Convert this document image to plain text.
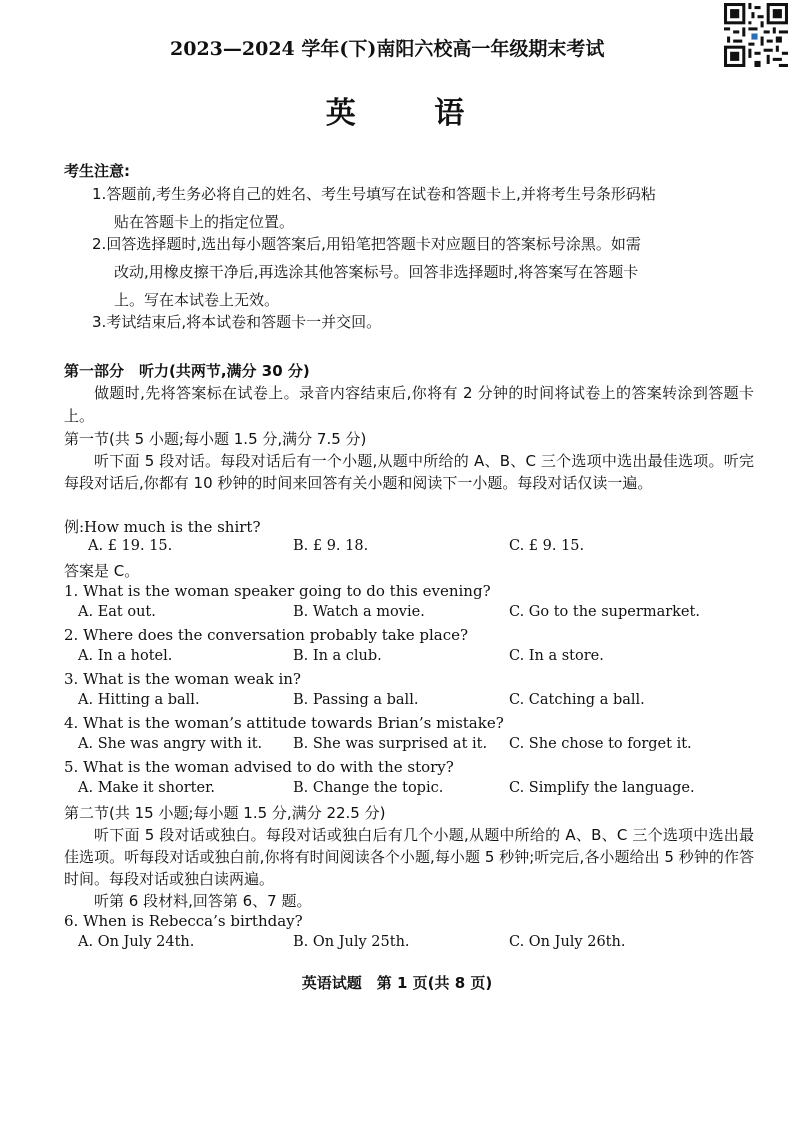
2023—2024 学年(下)南阳六校高一年级期末考试
英 语
考生注意:
1.答题前,考生务必将自己的姓名、考生号填写在试卷和答题卡上,并将考生号条形码粘
贴在答题卡上的指定位置。
2.回答选择题时,选出每小题答案后,用铅笔把答题卡对应题目的答案标号涂黑。如需
改动,用橡皮擦干净后,再选涂其他答案标号。回答非选择题时,将答案写在答题卡
上。写在本试卷上无效。
3.考试结束后,将本试卷和答题卡一并交回。
第一部分　听力(共两节,满分 30 分)
做题时,先将答案标在试卷上。录音内容结束后,你将有 2 分钟的时间将试卷上的答案转涂到答题卡上。
第一节(共 5 小题;每小题 1.5 分,满分 7.5 分)
听下面 5 段对话。每段对话后有一个小题,从题中所给的 A、B、C 三个选项中选出最佳选项。听完每段对话后,你都有 10 秒钟的时间来回答有关小题和阅读下一小题。每段对话仅读一遍。
例:How much is the shirt?
A. £ 19. 15.	B. £ 9. 18.	C. £ 9. 15.
答案是 C。
1. What is the woman speaker going to do this evening?
A. Eat out.	B. Watch a movie.	C. Go to the supermarket.
2. Where does the conversation probably take place?
A. In a hotel.	B. In a club.	C. In a store.
3. What is the woman weak in?
A. Hitting a ball.	B. Passing a ball.	C. Catching a ball.
4. What is the woman’s attitude towards Brian’s mistake?
A. She was angry with it. B. She was surprised at it. C. She chose to forget it.
5. What is the woman advised to do with the story?
A. Make it shorter.	B. Change the topic.	C. Simplify the language.
第二节(共 15 小题;每小题 1.5 分,满分 22.5 分)
听下面 5 段对话或独白。每段对话或独白后有几个小题,从题中所给的 A、B、C 三个选项中选出最佳选项。听每段对话或独白前,你将有时间阅读各个小题,每小题 5 秒钟;听完后,各小题给出 5 秒钟的作答时间。每段对话或独白读两遍。
听第 6 段材料,回答第 6、7 题。
6. When is Rebecca’s birthday?
A. On July 24th.	B. On July 25th.	C. On July 26th.
英语试题　第 1 页(共 8 页)
